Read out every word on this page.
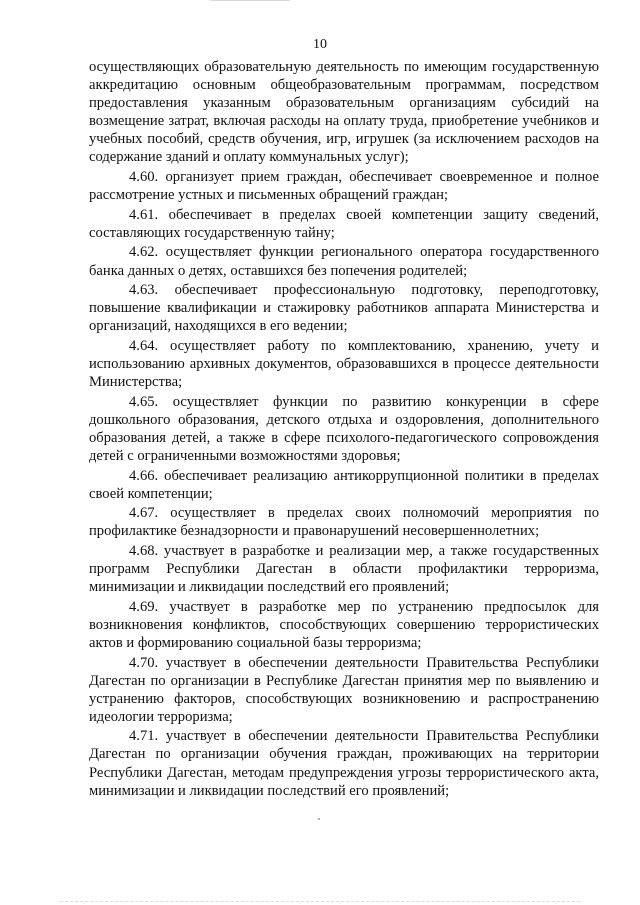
10

осуществляющих образовательную деятельность по имеющим государственную аккредитацию основным общеобразовательным программам, посредством предоставления указанным образовательным организациям субсидий на возмещение затрат, включая расходы на оплату труда, приобретение учебников и учебных пособий, средств обучения, игр, игрушек (за исключением расходов на содержание зданий и оплату коммунальных услуг);

4.60. организует прием граждан, обеспечивает своевременное и полное рассмотрение устных и письменных обращений граждан;

4.61. обеспечивает в пределах своей компетенции защиту сведений, составляющих государственную тайну;

4.62. осуществляет функции регионального оператора государственного банка данных о детях, оставшихся без попечения родителей;

4.63. обеспечивает профессиональную подготовку, переподготовку, повышение квалификации и стажировку работников аппарата Министерства и организаций, находящихся в его ведении;

4.64. осуществляет работу по комплектованию, хранению, учету и использованию архивных документов, образовавшихся в процессе деятельности Министерства;

4.65. осуществляет функции по развитию конкуренции в сфере дошкольного образования, детского отдыха и оздоровления, дополнительного образования детей, а также в сфере психолого-педагогического сопровождения детей с ограниченными возможностями здоровья;

4.66. обеспечивает реализацию антикоррупционной политики в пределах своей компетенции;

4.67. осуществляет в пределах своих полномочий мероприятия по профилактике безнадзорности и правонарушений несовершеннолетних;

4.68. участвует в разработке и реализации мер, а также государственных программ Республики Дагестан в области профилактики терроризма, минимизации и ликвидации последствий его проявлений;

4.69. участвует в разработке мер по устранению предпосылок для возникновения конфликтов, способствующих совершению террористических актов и формированию социальной базы терроризма;

4.70. участвует в обеспечении деятельности Правительства Республики Дагестан по организации в Республике Дагестан принятия мер по выявлению и устранению факторов, способствующих возникновению и распространению идеологии терроризма;

4.71. участвует в обеспечении деятельности Правительства Республики Дагестан по организации обучения граждан, проживающих на территории Республики Дагестан, методам предупреждения угрозы террористического акта, минимизации и ликвидации последствий его проявлений;
